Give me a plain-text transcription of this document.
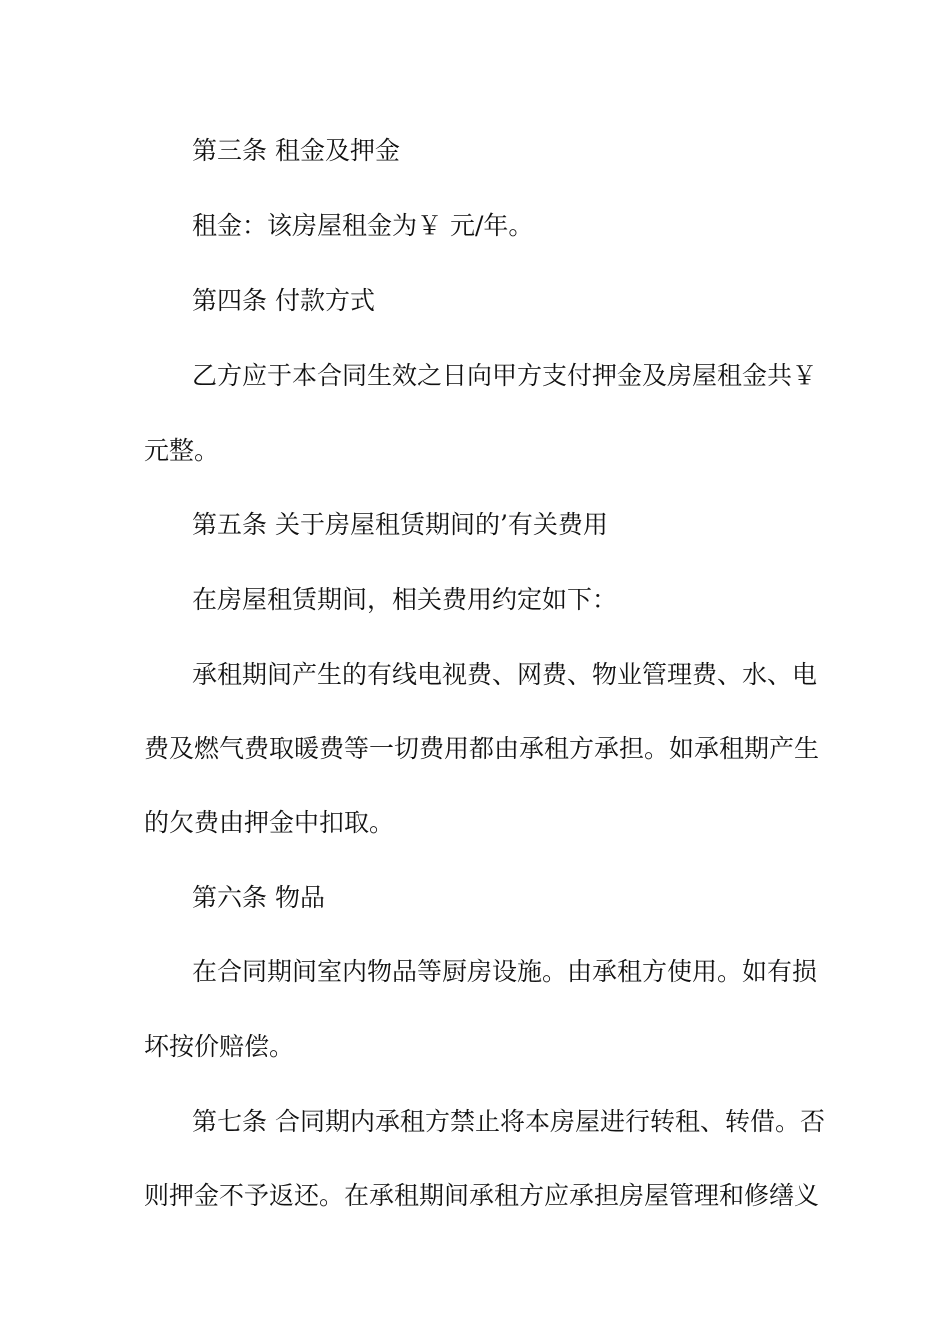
第三条 租金及押金
租金：该房屋租金为￥ 元/年。
第四条 付款方式
乙方应于本合同生效之日向甲方支付押金及房屋租金共￥
元整。
第五条 关于房屋租赁期间的’有关费用
在房屋租赁期间，相关费用约定如下：
承租期间产生的有线电视费、网费、物业管理费、水、电
费及燃气费取暖费等一切费用都由承租方承担。如承租期产生
的欠费由押金中扣取。
第六条 物品
在合同期间室内物品等厨房设施。由承租方使用。如有损
坏按价赔偿。
第七条 合同期内承租方禁止将本房屋进行转租、转借。否
则押金不予返还。在承租期间承租方应承担房屋管理和修缮义
